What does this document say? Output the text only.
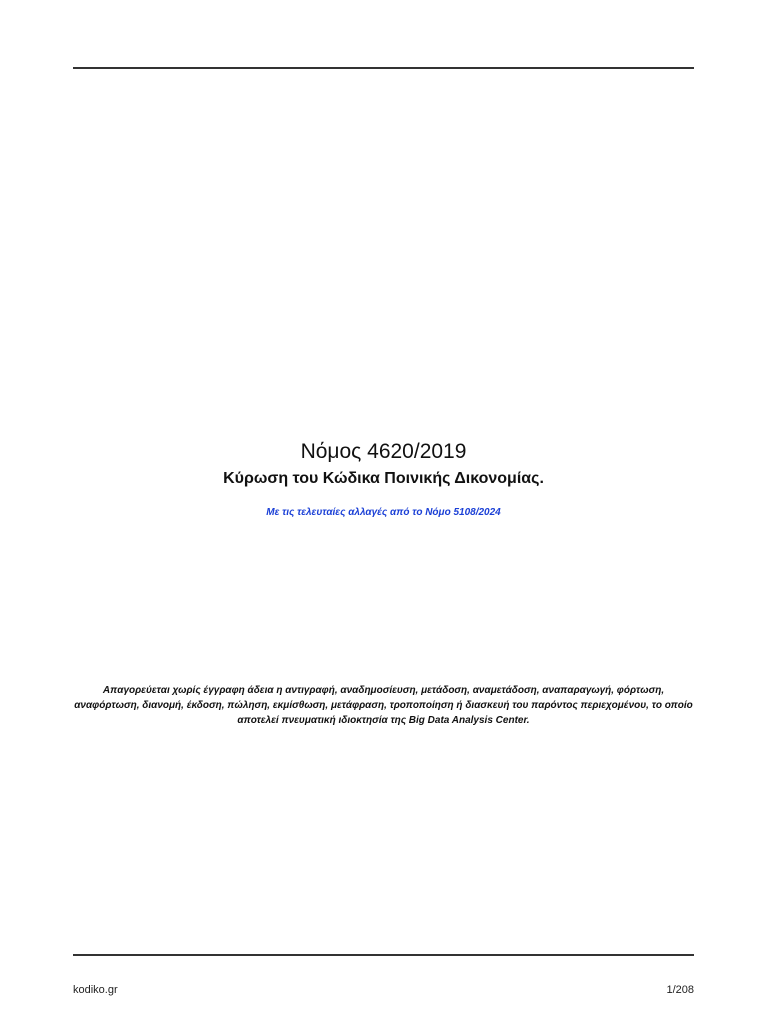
Νόμος 4620/2019
Κύρωση του Κώδικα Ποινικής Δικονομίας.
Με τις τελευταίες αλλαγές από το Νόμο 5108/2024
Απαγορεύεται χωρίς έγγραφη άδεια η αντιγραφή, αναδημοσίευση, μετάδοση, αναμετάδοση, αναπαραγωγή, φόρτωση, αναφόρτωση, διανομή, έκδοση, πώληση, εκμίσθωση, μετάφραση, τροποποίηση ή διασκευή του παρόντος περιεχομένου, το οποίο αποτελεί πνευματική ιδιοκτησία της Big Data Analysis Center.
kodiko.gr	1/208
